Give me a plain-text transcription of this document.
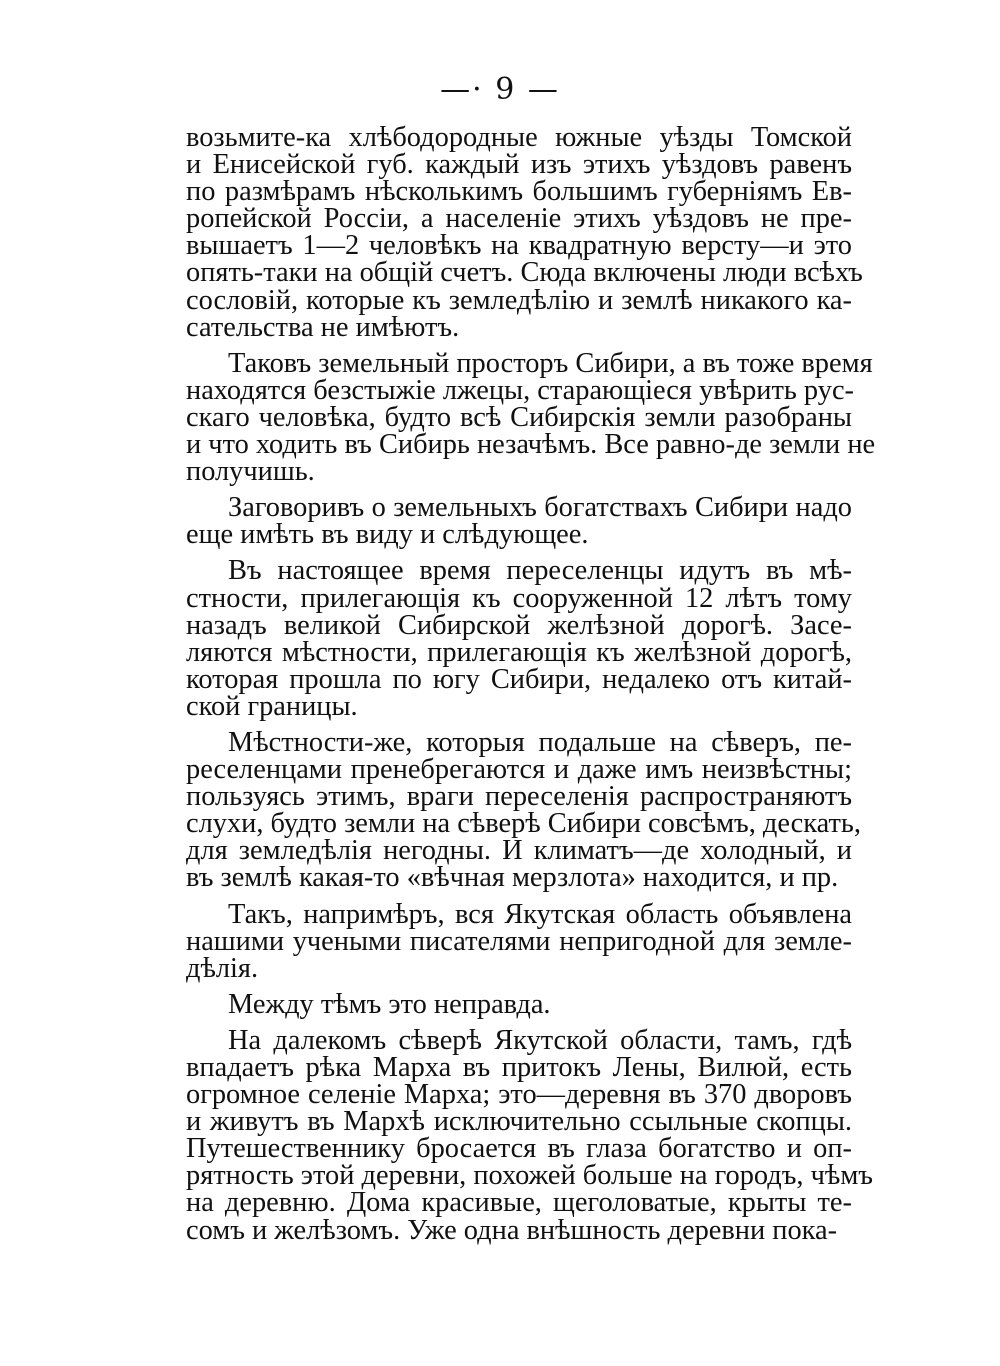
—· 9 —
возьмите-ка хлѣбодородные южные уѣзды Томской
и Енисейской губ. каждый изъ этихъ уѣздовъ равенъ
по размѣрамъ нѣсколькимъ большимъ губерніямъ Ев-
ропейской Россіи, а населеніе этихъ уѣздовъ не пре-
вышаетъ 1—2 человѣкъ на квадратную версту—и это
опять-таки на общій счетъ. Сюда включены люди всѣхъ
сословій, которые къ земледѣлію и землѣ никакого ка-
сательства не имѣютъ.
Таковъ земельный просторъ Сибири, а въ тоже время
находятся безстыжіе лжецы, старающіеся увѣрить рус-
скаго человѣка, будто всѣ Сибирскія земли разобраны
и что ходить въ Сибирь незачѣмъ. Все равно-де земли не
получишь.
Заговоривъ о земельныхъ богатствахъ Сибири надо
еще имѣть въ виду и слѣдующее.
Въ настоящее время переселенцы идутъ въ мѣ-
стности, прилегающія къ сооруженной 12 лѣтъ тому
назадъ великой Сибирской желѣзной дорогѣ. Засе-
ляются мѣстности, прилегающія къ желѣзной дорогѣ,
которая прошла по югу Сибири, недалеко отъ китай-
ской границы.
Мѣстности-же, которыя подальше на сѣверъ, пе-
реселенцами пренебрегаются и даже имъ неизвѣстны;
пользуясь этимъ, враги переселенія распространяютъ
слухи, будто земли на сѣверѣ Сибири совсѣмъ, дескать,
для земледѣлія негодны. И климатъ—де холодный, и
въ землѣ какая-то «вѣчная мерзлота» находится, и пр.
Такъ, напримѣръ, вся Якутская область объявлена
нашими учеными писателями непригодной для земле-
дѣлія.
Между тѣмъ это неправда.
На далекомъ сѣверѣ Якутской области, тамъ, гдѣ
впадаетъ рѣка Марха въ притокъ Лены, Вилюй, есть
огромное селеніе Марха; это—деревня въ 370 дворовъ
и живутъ въ Мархѣ исключительно ссыльные скопцы.
Путешественнику бросается въ глаза богатство и оп-
рятность этой деревни, похожей больше на городъ, чѣмъ
на деревню. Дома красивые, щеголоватые, крыты те-
сомъ и желѣзомъ. Уже одна внѣшность деревни пока-
